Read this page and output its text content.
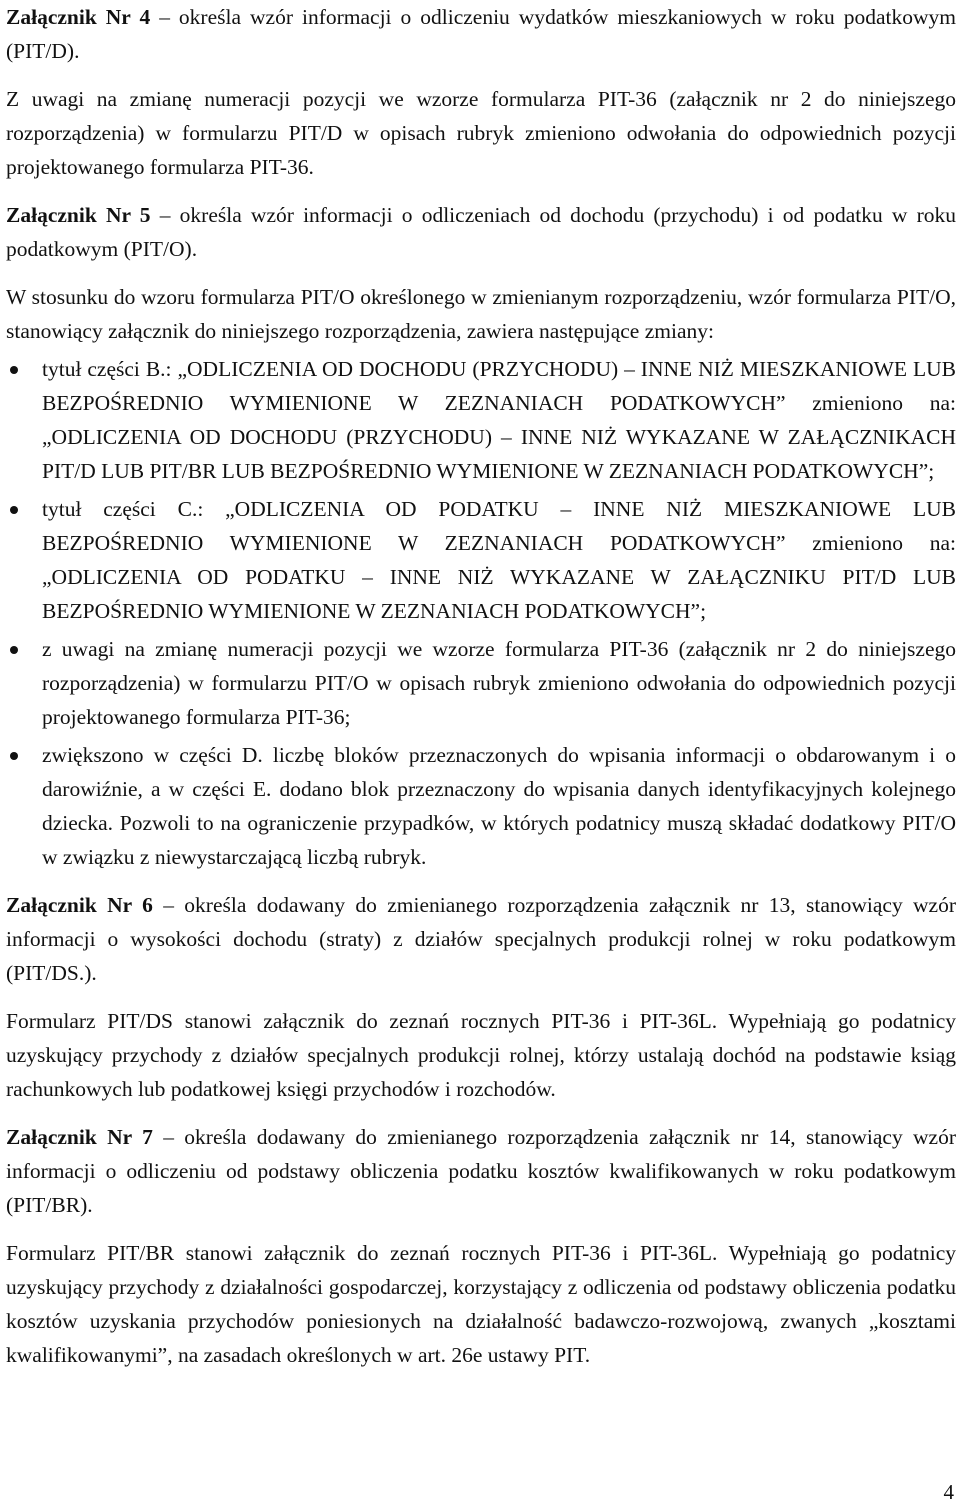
Załącznik Nr 4 – określa wzór informacji o odliczeniu wydatków mieszkaniowych w roku podatkowym (PIT/D).

Z uwagi na zmianę numeracji pozycji we wzorze formularza PIT-36 (załącznik nr 2 do niniejszego rozporządzenia) w formularzu PIT/D w opisach rubryk zmieniono odwołania do odpowiednich pozycji projektowanego formularza PIT-36.

Załącznik Nr 5 – określa wzór informacji o odliczeniach od dochodu (przychodu) i od podatku w roku podatkowym (PIT/O).

W stosunku do wzoru formularza PIT/O określonego w zmienianym rozporządzeniu, wzór formularza PIT/O, stanowiący załącznik do niniejszego rozporządzenia, zawiera następujące zmiany:

tytuł części B.: „ODLICZENIA OD DOCHODU (PRZYCHODU) – INNE NIŻ MIESZKANIOWE LUB BEZPOŚREDNIO WYMIENIONE W ZEZNANIACH PODATKOWYCH” zmieniono na: „ODLICZENIA OD DOCHODU (PRZYCHODU) – INNE NIŻ WYKAZANE W ZAŁĄCZNIKACH PIT/D LUB PIT/BR LUB BEZPOŚREDNIO WYMIENIONE W ZEZNANIACH PODATKOWYCH”;
tytuł części C.: „ODLICZENIA OD PODATKU – INNE NIŻ MIESZKANIOWE LUB BEZPOŚREDNIO WYMIENIONE W ZEZNANIACH PODATKOWYCH” zmieniono na: „ODLICZENIA OD PODATKU – INNE NIŻ WYKAZANE W ZAŁĄCZNIKU PIT/D LUB BEZPOŚREDNIO WYMIENIONE W ZEZNANIACH PODATKOWYCH”;
z uwagi na zmianę numeracji pozycji we wzorze formularza PIT-36 (załącznik nr 2 do niniejszego rozporządzenia) w formularzu PIT/O w opisach rubryk zmieniono odwołania do odpowiednich pozycji projektowanego formularza PIT-36;
zwiększono w części D. liczbę bloków przeznaczonych do wpisania informacji o obdarowanym i o darowiźnie, a w części E. dodano blok przeznaczony do wpisania danych identyfikacyjnych kolejnego dziecka. Pozwoli to na ograniczenie przypadków, w których podatnicy muszą składać dodatkowy PIT/O w związku z niewystarczającą liczbą rubryk.

Załącznik Nr 6 – określa dodawany do zmienianego rozporządzenia załącznik nr 13, stanowiący wzór informacji o wysokości dochodu (straty) z działów specjalnych produkcji rolnej w roku podatkowym (PIT/DS.).

Formularz PIT/DS stanowi załącznik do zeznań rocznych PIT-36 i PIT-36L. Wypełniają go podatnicy uzyskujący przychody z działów specjalnych produkcji rolnej, którzy ustalają dochód na podstawie ksiąg rachunkowych lub podatkowej księgi przychodów i rozchodów.

Załącznik Nr 7 – określa dodawany do zmienianego rozporządzenia załącznik nr 14, stanowiący wzór informacji o odliczeniu od podstawy obliczenia podatku kosztów kwalifikowanych w roku podatkowym (PIT/BR).

Formularz PIT/BR stanowi załącznik do zeznań rocznych PIT-36 i PIT-36L. Wypełniają go podatnicy uzyskujący przychody z działalności gospodarczej, korzystający z odliczenia od podstawy obliczenia podatku kosztów uzyskania przychodów poniesionych na działalność badawczo-rozwojową, zwanych „kosztami kwalifikowanymi”, na zasadach określonych w art. 26e ustawy PIT.

4
